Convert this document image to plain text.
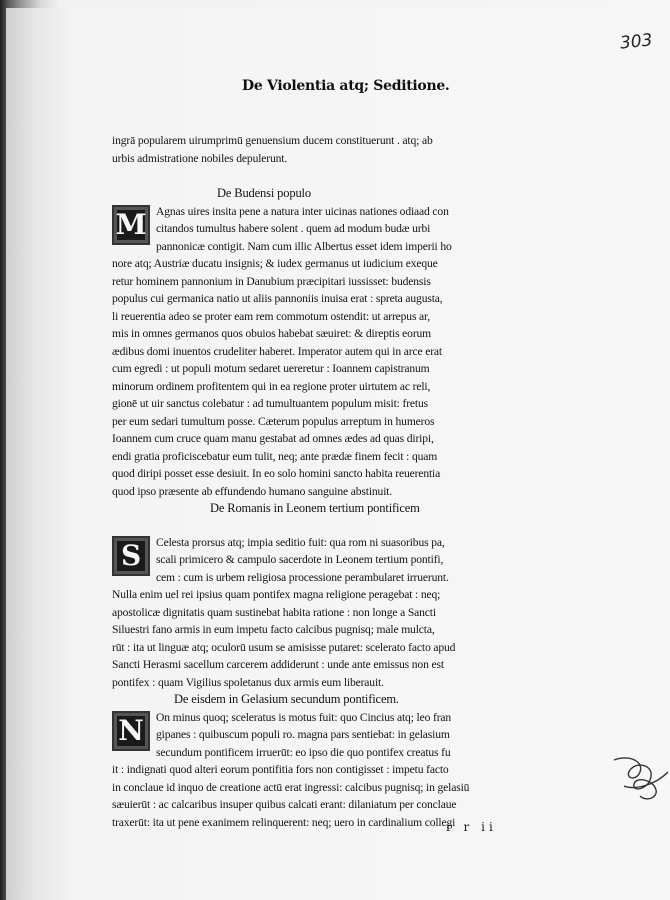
303
De Violentia atq; Seditione.
ingrā popularem uirumprimū genuensium ducem constituerunt . atq; ab
urbis admistratione nobiles depulerunt.
De Budensi populo
M Agnas uires insita pene a natura inter uicinas nationes odiaad con
citandos tumultus habere solent . quem ad modum budæ urbi
pannonicæ contigit. Nam cum illic Albertus esset idem imperii ho
nore atq; Austriæ ducatu insignis; & iudex germanus ut iudicium exeque
retur hominem pannonium in Danubium præcipitari iussisset: budensis
populus cui germanica natio ut aliis pannoniis inuisa erat : spreta augusta,
li reuerentia adeo se proter eam rem commotum ostendit: ut arrepus ar,
mis in omnes germanos quos obuios habebat sæuiret: & direptis eorum
ædibus domi inuentos crudeliter haberet. Imperator autem qui in arce erat
cum egredi : ut populi motum sedaret uereretur : Ioannem capistranum
minorum ordinem profitentem qui in ea regione proter uirtutem ac reli,
gionē ut uir sanctus colebatur : ad tumultuantem populum misit: fretus
per eum sedari tumultum posse. Cæterum populus arreptum in humeros
Ioannem cum cruce quam manu gestabat ad omnes ædes ad quas diripi,
endi gratia proficiscebatur eum tulit, neq; ante prædæ finem fecit : quam
quod diripi posset esse desiuit. In eo solo homini sancto habita reuerentia
quod ipso præsente ab effundendo humano sanguine abstinuit.
De Romanis in Leonem tertium pontificem
S	Celesta prorsus atq; impia seditio fuit: qua rom ni suasoribus pa,
scali primicero & campulo sacerdote in Leonem tertium pontifi,
cem : cum is urbem religiosa processione perambularet irruerunt.
Nulla enim uel rei ipsius quam pontifex magna religione peragebat : neq;
apostolicæ dignitatis quam sustinebat habita ratione : non longe a Sancti
Siluestri fano armis in eum impetu facto calcibus pugnisq; male mulcta,
rūt : ita ut linguæ atq; oculorū usum se amisisse putaret: scelerato facto apud
Sancti Herasmi sacellum carcerem addiderunt : unde ante emissus non est
pontifex : quam Vigilius spoletanus dux armis eum liberauit.
De eisdem in Gelasium secundum pontificem.
N	On minus quoq; sceleratus is motus fuit: quo Cincius atq; leo fran
gipanes : quibuscum populi ro. magna pars sentiebat: in gelasium
secundum pontificem irruerūt: eo ipso die quo pontifex creatus fu
it : indignati quod alteri eorum pontifitia fors non contigisset : impetu facto
in conclaue id inquo de creatione actū erat ingressi: calcibus pugnisq; in gelasiū
sæuierūt : ac calcaribus insuper quibus calcati erant: dilaniatum per conclaue
traxerūt: ita ut pene exanimem relinquerent: neq; uero in cardinalium collegi
r r ii
